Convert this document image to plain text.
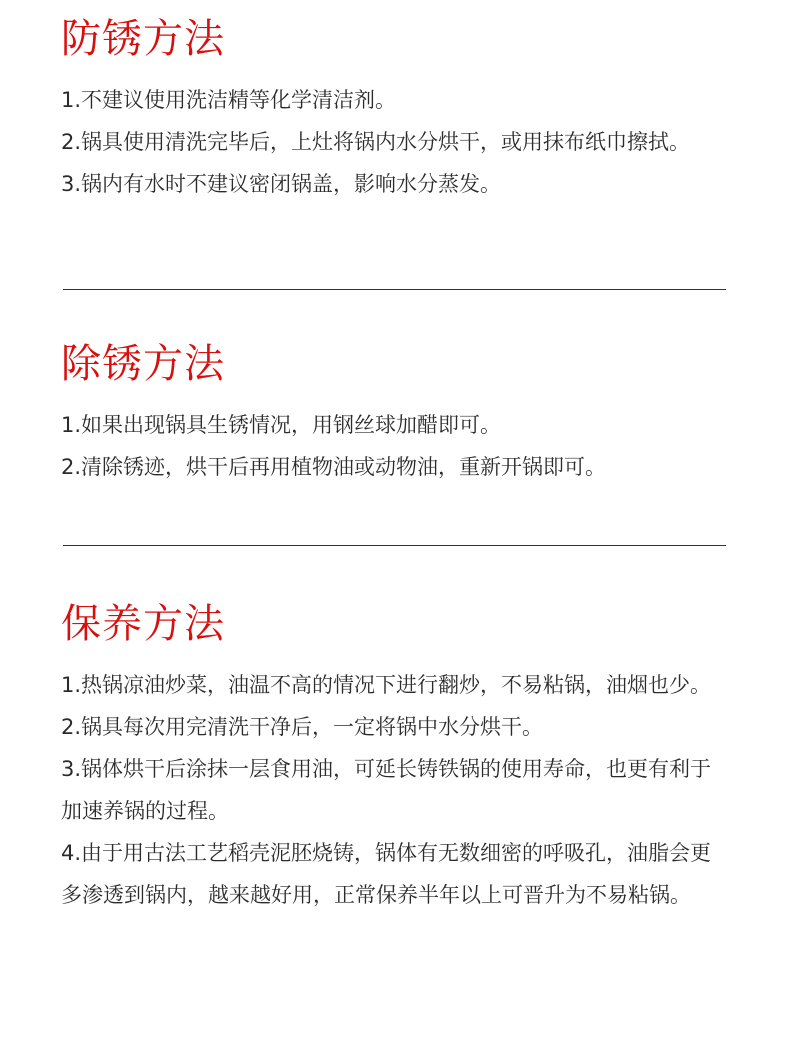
防锈方法
1.不建议使用洗洁精等化学清洁剂。
2.锅具使用清洗完毕后，上灶将锅内水分烘干，或用抹布纸巾擦拭。
3.锅内有水时不建议密闭锅盖，影响水分蒸发。
除锈方法
1.如果出现锅具生锈情况，用钢丝球加醋即可。
2.清除锈迹，烘干后再用植物油或动物油，重新开锅即可。
保养方法
1.热锅凉油炒菜，油温不高的情况下进行翻炒，不易粘锅，油烟也少。
2.锅具每次用完清洗干净后，一定将锅中水分烘干。
3.锅体烘干后涂抹一层食用油，可延长铸铁锅的使用寿命，也更有利于加速养锅的过程。
4.由于用古法工艺稻壳泥胚烧铸，锅体有无数细密的呼吸孔，油脂会更多渗透到锅内，越来越好用，正常保养半年以上可晋升为不易粘锅。
